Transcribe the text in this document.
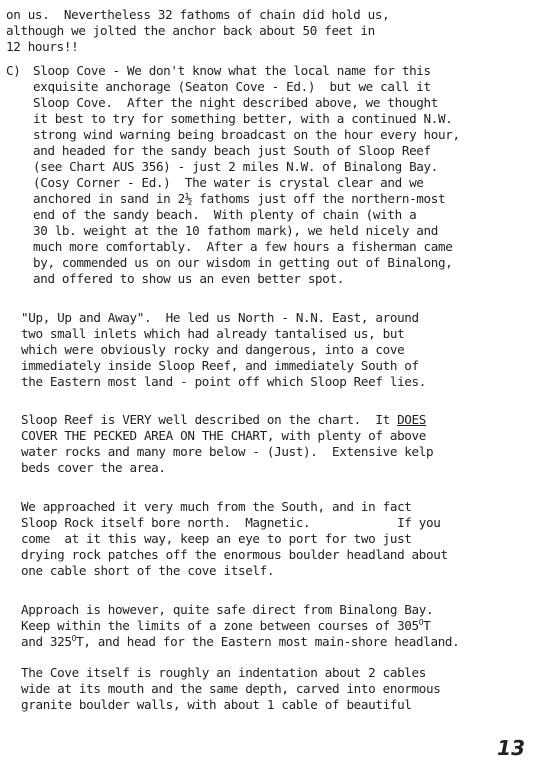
on us.  Nevertheless 32 fathoms of chain did hold us,
although we jolted the anchor back about 50 feet in
12 hours!!
C) Sloop Cove - We don't know what the local name for this
exquisite anchorage (Seaton Cove - Ed.)  but we call it
Sloop Cove.  After the night described above, we thought
it best to try for something better, with a continued N.W.
strong wind warning being broadcast on the hour every hour,
and headed for the sandy beach just South of Sloop Reef
(see Chart AUS 356) - just 2 miles N.W. of Binalong Bay.
(Cosy Corner - Ed.)  The water is crystal clear and we
anchored in sand in 2½ fathoms just off the northern-most
end of the sandy beach.  With plenty of chain (with a
30 lb. weight at the 10 fathom mark), we held nicely and
much more comfortably.  After a few hours a fisherman came
by, commended us on our wisdom in getting out of Binalong,
and offered to show us an even better spot.
"Up, Up and Away".  He led us North - N.N. East, around
two small inlets which had already tantalised us, but
which were obviously rocky and dangerous, into a cove
immediately inside Sloop Reef, and immediately South of
the Eastern most land - point off which Sloop Reef lies.
Sloop Reef is VERY well described on the chart.  It DOES
COVER THE PECKED AREA ON THE CHART, with plenty of above
water rocks and many more below - (Just).  Extensive kelp
beds cover the area.
We approached it very much from the South, and in fact
Sloop Rock itself bore north.  Magnetic.            If you
come  at it this way, keep an eye to port for two just
drying rock patches off the enormous boulder headland about
one cable short of the cove itself.
Approach is however, quite safe direct from Binalong Bay.
Keep within the limits of a zone between courses of $305^OT$
and $325^OT$, and head for the Eastern most main-shore headland.
The Cove itself is roughly an indentation about 2 cables
wide at its mouth and the same depth, carved into enormous
granite boulder walls, with about 1 cable of beautiful
13
